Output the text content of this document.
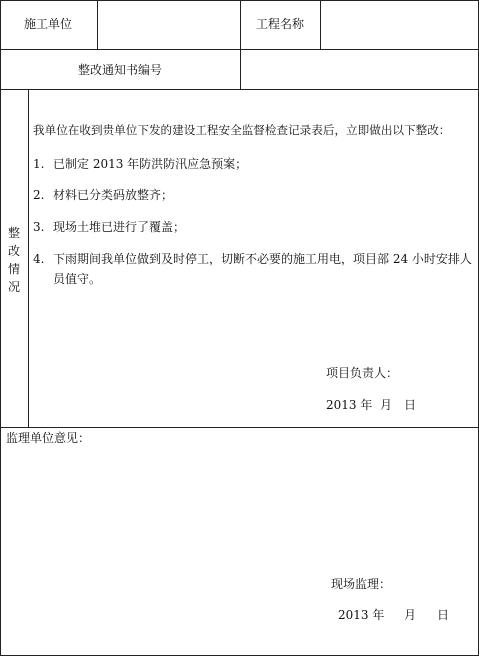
施工单位	工程名称
整改通知书编号
整
改
情
况
我单位在收到贵单位下发的建设工程安全监督检查记录表后，立即做出以下整改：
1. 已制定 2013 年防洪防汛应急预案；
2. 材料已分类码放整齐；
3. 现场土堆已进行了覆盖；
4. 下雨期间我单位做到及时停工，切断不必要的施工用电，项目部 24 小时安排人员值守。
项目负责人：
2013 年 月 日
监理单位意见：
现场监理：
2013 年 月 日
